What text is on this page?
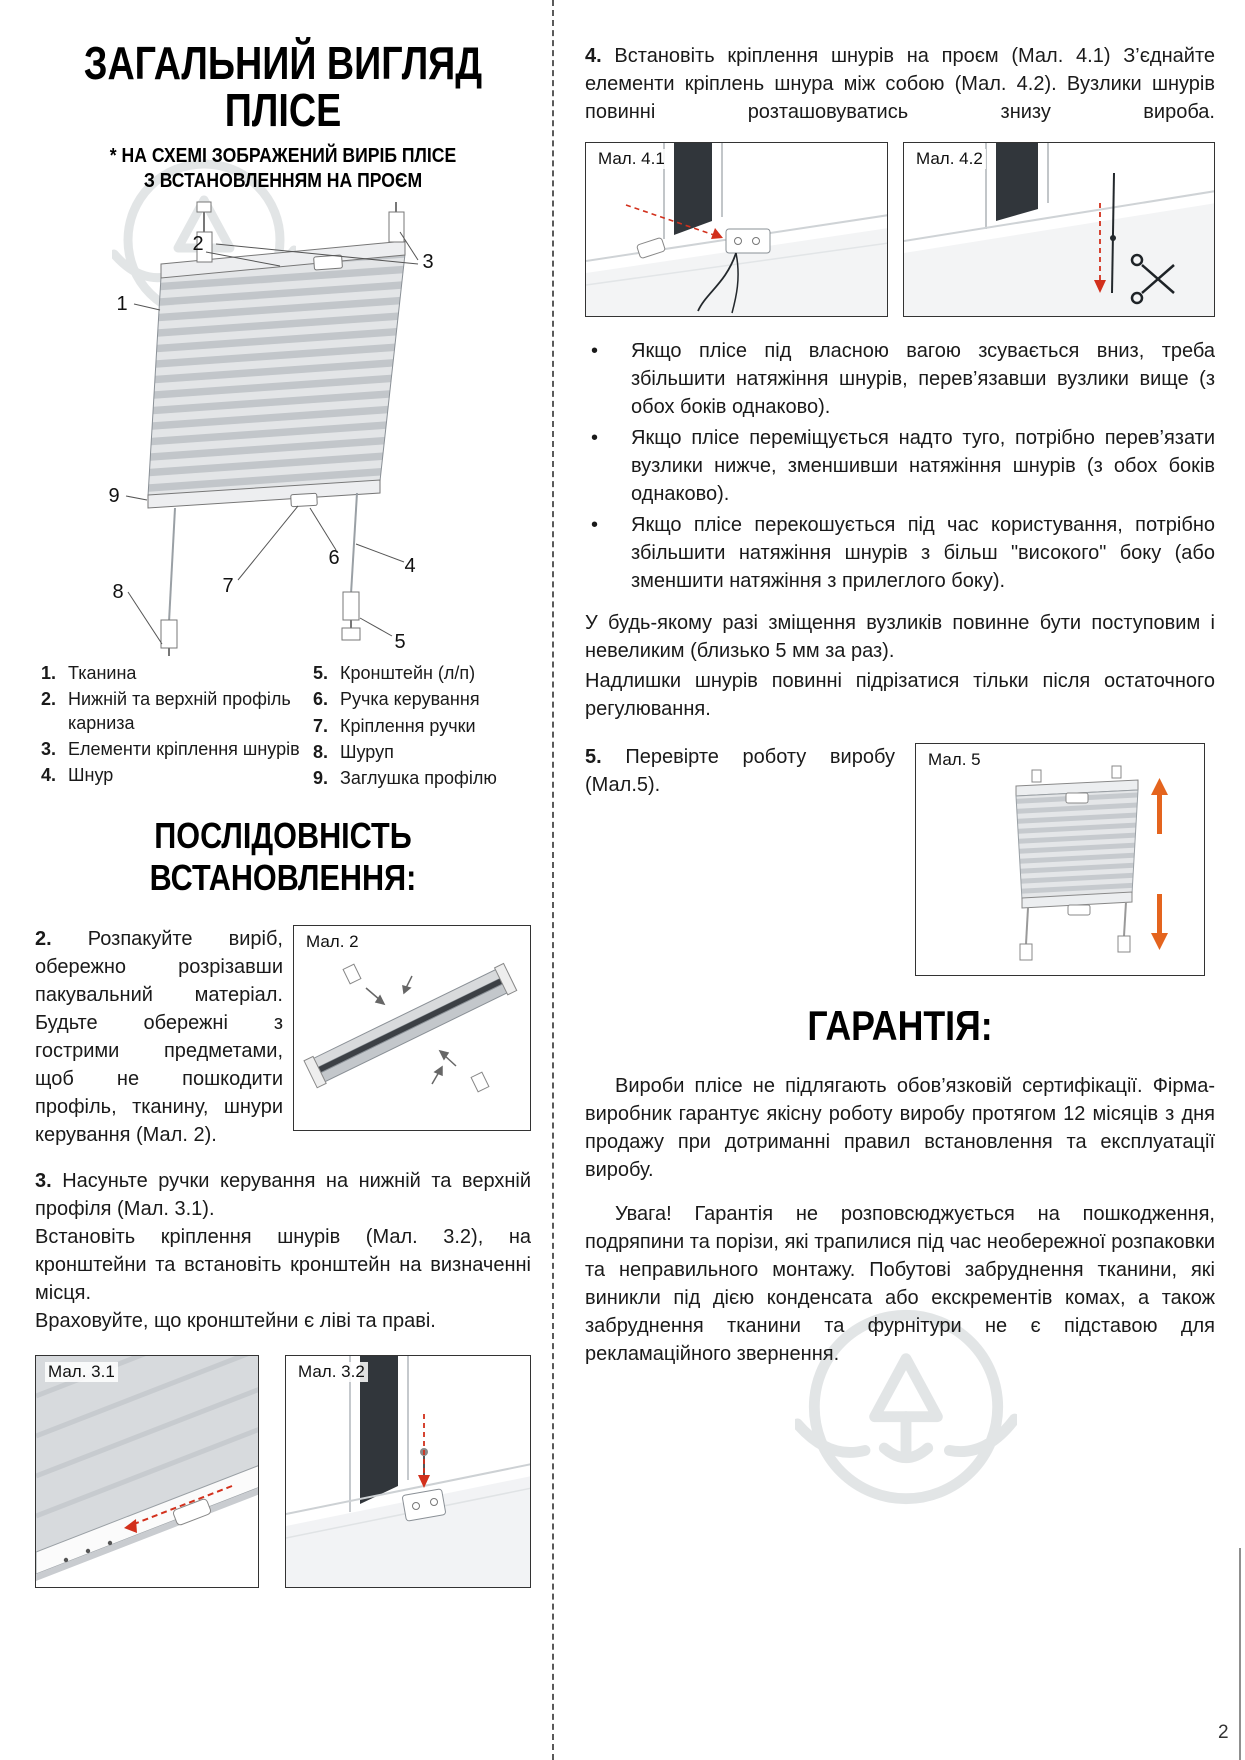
ЗАГАЛЬНИЙ ВИГЛЯД
ПЛІСЕ
* НА СХЕМІ ЗОБРАЖЕНИЙ ВИРІБ ПЛІСЕ
З ВСТАНОВЛЕННЯМ НА ПРОЄМ
1
2
3
9
8	7
6	4
5
1. Тканина
2. Нижній та верхній профіль карниза
3. Елементи кріплення шнурів
4. Шнур
5. Кронштейн (л/п)
6. Ручка керування
7. Кріплення ручки
8. Шуруп
9. Заглушка профілю
ПОСЛІДОВНІСТЬ ВСТАНОВЛЕННЯ:

2. Розпакуйте виріб, обережно розрізавши пакувальний матеріал. Будьте обережні з гострими предметами, щоб не пошкодити профіль, тканину, шнури керування (Мал. 2).

Мал. 2

3. Насуньте ручки керування на нижній та верхній профіля (Мал. 3.1).

Встановіть кріплення шнурів (Мал. 3.2), на кронштейни та встановіть кронштейн на визначенні місця.

Враховуйте, що кронштейни є ліві та праві.

Мал. 3.1	Мал. 3.2

4. Встановіть кріплення шнурів на проєм (Мал. 4.1) З’єднайте елементи кріплень шнура між собою (Мал. 4.2). Вузлики шнурів повинні розташовуватись знизу вироба.

Мал. 4.1	Мал. 4.2
• Якщо плісе під власною вагою зсувається вниз, треба збільшити натяжіння шнурів, перев’язавши вузлики вище (з обох боків однаково).
• Якщо плісе переміщується надто туго, потрібно перев’язати вузлики нижче, зменшивши натяжіння шнурів (з обох боків однаково).
• Якщо плісе перекошується під час користування, потрібно збільшити натяжіння шнурів з більш "високого" боку (або зменшити натяжіння з прилеглого боку).

У будь-якому разі зміщення вузликів повинне бути поступовим і невеликим (близько 5 мм за раз).

Надлишки шнурів повинні підрізатися тільки після остаточного регулювання.

5. Перевірте роботу виробу (Мал.5).

Мал. 5
ГАРАНТІЯ:

Вироби плісе не підлягають обов’язковій сертифікації. Фірма-виробник гарантує якісну роботу виробу протягом 12 місяців з дня продажу при дотриманні правил встановлення та експлуатації виробу.

Увага! Гарантія не розповсюджується на пошкодження, подряпини та порізи, які трапилися під час необережної розпаковки та неправильного монтажу. Побутові забруднення тканини, які виникли під дією конденсата або екскрементів комах, а також забруднення тканини та фурнітури не є підставою для рекламаційного звернення.

2
